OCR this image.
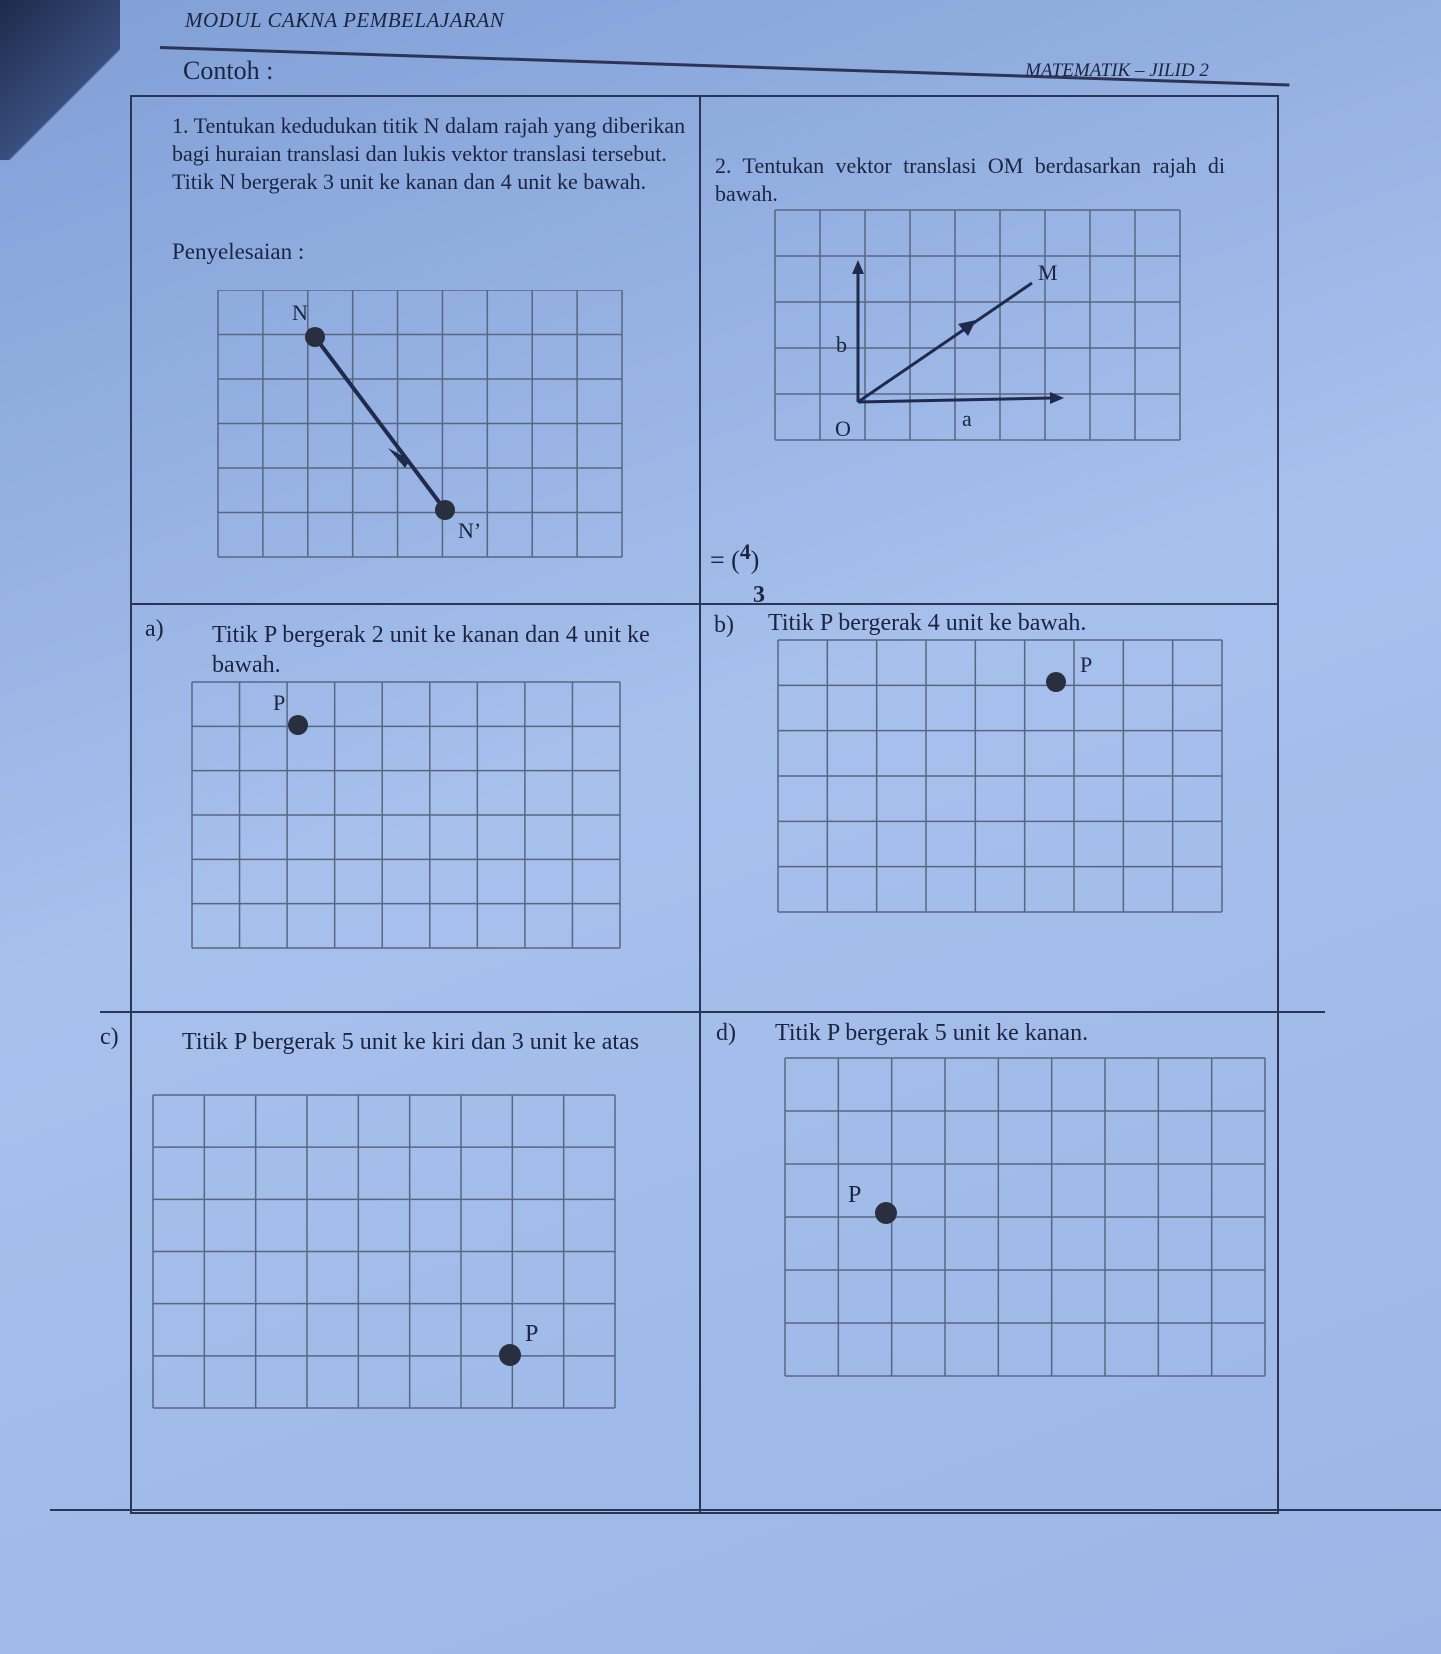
MODUL CAKNA PEMBELAJARAN
Contoh :	MATEMATIK – JILID 2
1. Tentukan kedudukan titik N dalam rajah yang diberikan bagi huraian translasi dan lukis vektor translasi tersebut. Titik N bergerak 3 unit ke kanan dan 4 unit ke bawah.
Penyelesaian :
N
N’
2. Tentukan vektor translasi OM berdasarkan rajah di bawah.
O
M
b
a
= ($^4$)
3
a) Titik P bergerak 2 unit ke kanan dan 4 unit ke bawah.
P
b) Titik P bergerak 4 unit ke bawah.
P
c)	Titik P bergerak 5 unit ke kiri dan 3 unit ke atas
P
d) Titik P bergerak 5 unit ke kanan.
P
